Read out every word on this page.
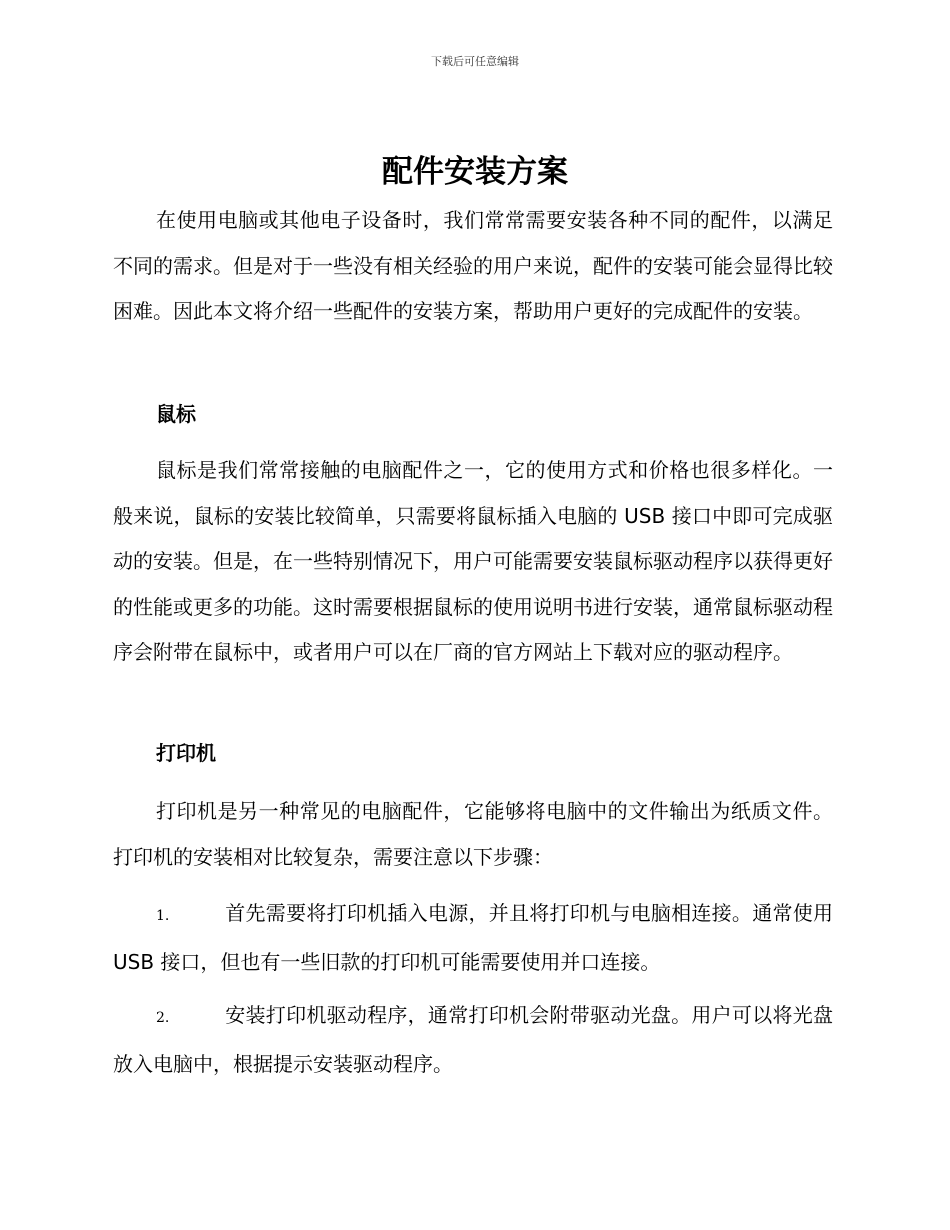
下载后可任意编辑
配件安装方案

在使用电脑或其他电子设备时，我们常常需要安装各种不同的配件，以满足不同的需求。但是对于一些没有相关经验的用户来说，配件的安装可能会显得比较困难。因此本文将介绍一些配件的安装方案，帮助用户更好的完成配件的安装。

鼠标

鼠标是我们常常接触的电脑配件之一，它的使用方式和价格也很多样化。一般来说，鼠标的安装比较简单，只需要将鼠标插入电脑的 USB 接口中即可完成驱动的安装。但是，在一些特别情况下，用户可能需要安装鼠标驱动程序以获得更好的性能或更多的功能。这时需要根据鼠标的使用说明书进行安装，通常鼠标驱动程序会附带在鼠标中，或者用户可以在厂商的官方网站上下载对应的驱动程序。

打印机

打印机是另一种常见的电脑配件，它能够将电脑中的文件输出为纸质文件。打印机的安装相对比较复杂，需要注意以下步骤：

1.	首先需要将打印机插入电源，并且将打印机与电脑相连接。通常使用 USB 接口，但也有一些旧款的打印机可能需要使用并口连接。
2.	安装打印机驱动程序，通常打印机会附带驱动光盘。用户可以将光盘放入电脑中，根据提示安装驱动程序。
